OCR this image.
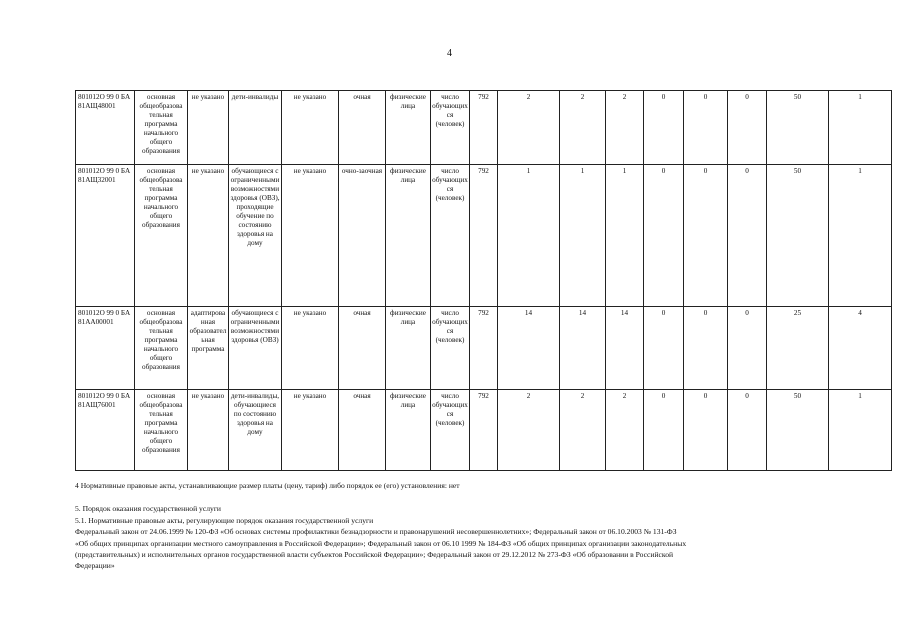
4
801012О 99 0 БА 81АЩ48001	основная общеобразова тельная программа начального общего образования	не указано	дети-инвалиды	не указано	очная	физические лица	число обучающихся (человек)	792	2	2	2	0	0	0	50	1
801012О 99 0 БА 81АЩ32001	основная общеобразова тельная программа начального общего образования	не указано	обучающиеся с ограниченными возможностями здоровья (ОВЗ), проходящие обучение по состоянию здоровья на дому	не указано	очно-заочная	физические лица	число обучающихся (человек)	792	1	1	1	0	0	0	50	1
801012О 99 0 БА 81АА00001	основная общеобразова тельная программа начального общего образования	адаптирова нная образовательная программа	обучающиеся с ограниченными возможностями здоровья (ОВЗ)	не указано	очная	физические лица	число обучающихся (человек)	792	14	14	14	0	0	0	25	4
801012О 99 0 БА 81АЩ76001	основная общеобразова тельная программа начального общего образования	не указано	дети-инвалиды, обучающиеся по состоянию здоровья на дому	не указано	очная	физические лица	число обучающихся (человек)	792	2	2	2	0	0	0	50	1

4 Нормативные правовые акты, устанавливающие размер платы (цену, тариф) либо порядок ее (его) установления: нет

5. Порядок оказания государственной услуги

5.1. Нормативные правовые акты, регулирующие порядок оказания государственной услуги

Федеральный закон от 24.06.1999 № 120-ФЗ «Об основах системы профилактики безнадзорности и правонарушений несовершеннолетних»; Федеральный закон от 06.10.2003 № 131-ФЗ

«Об общих принципах организации местного самоуправления в Российской Федерации»; Федеральный закон от 06.10 1999 № 184-ФЗ «Об общих принципах организации законодательных

(представительных) и исполнительных органов государственной власти субъектов Российской Федерации»; Федеральный закон от 29.12.2012 № 273-ФЗ «Об образовании в Российской

Федерации»
